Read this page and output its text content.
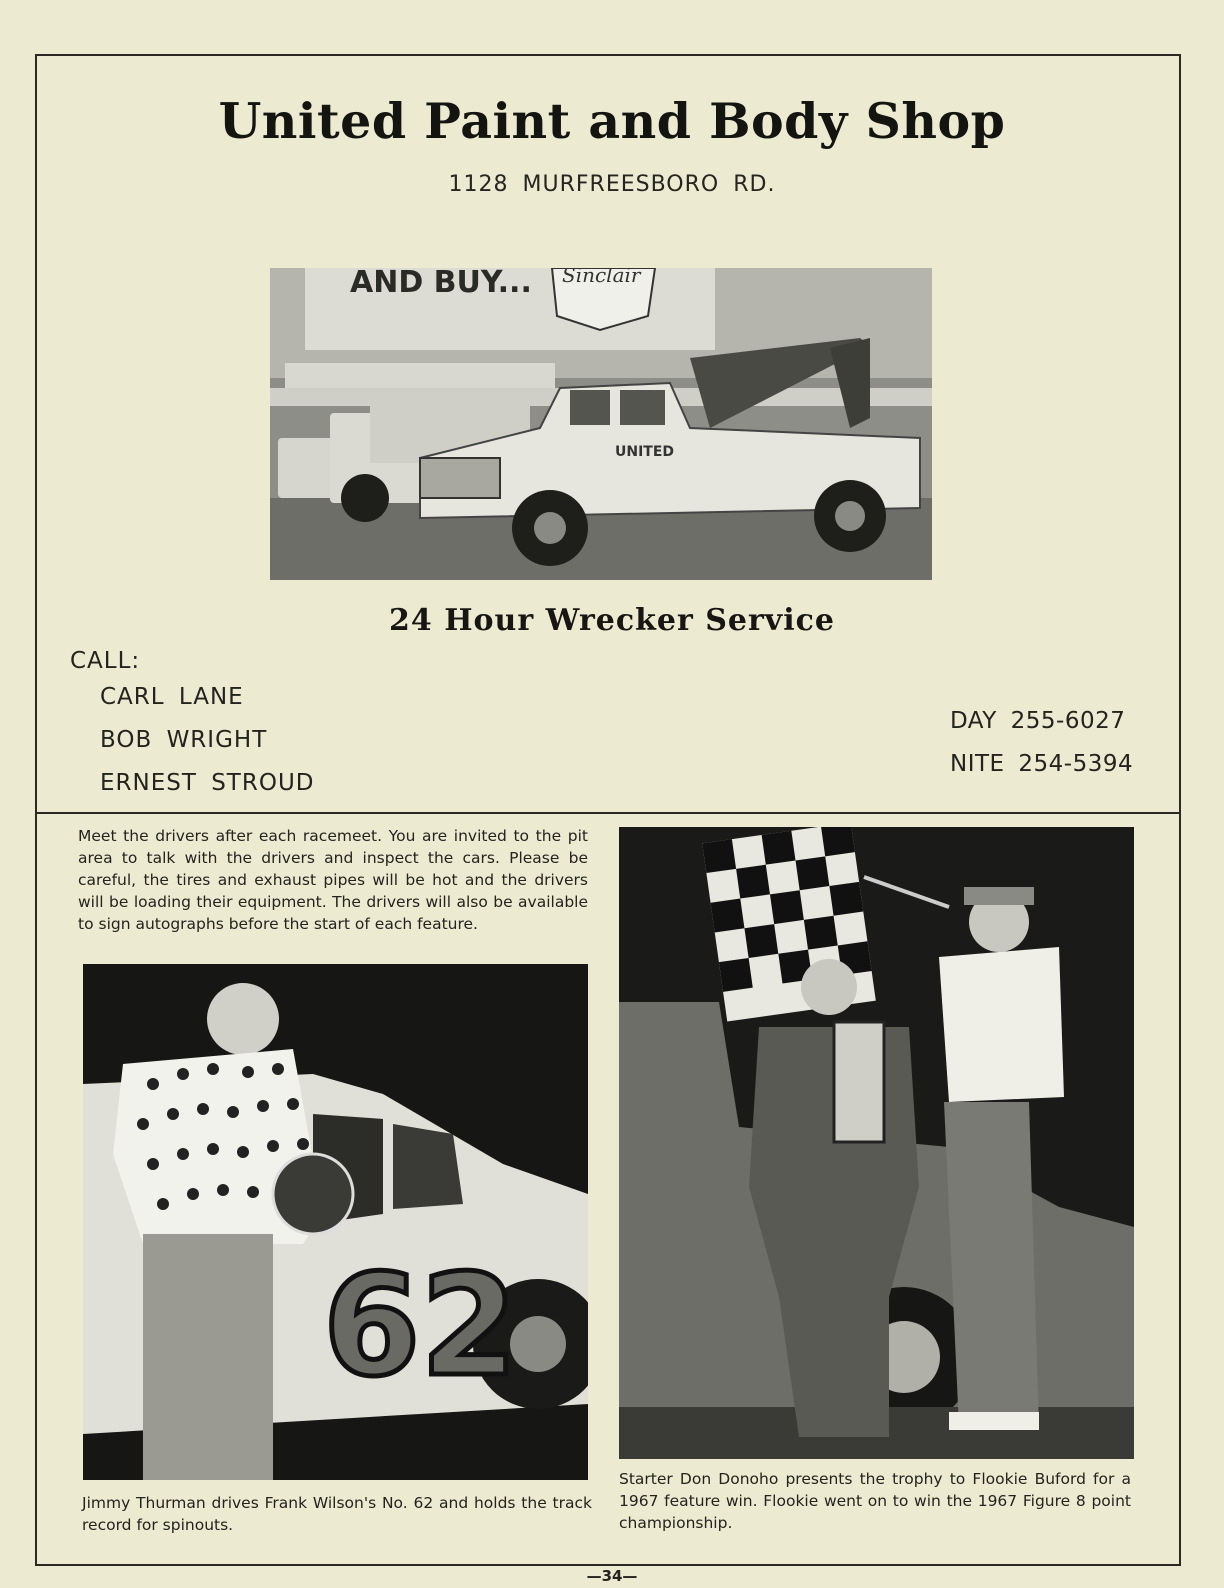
United Paint and Body Shop
1128 MURFREESBORO RD.
AND BUY... Sinclair
UNITED
24 Hour Wrecker Service
CALL:
CARL LANE
BOB WRIGHT
ERNEST STROUD
DAY 255-6027
NITE 254-5394
Meet the drivers after each racemeet. You are invited to the pit area to talk with the drivers and inspect the cars. Please be careful, the tires and exhaust pipes will be hot and the drivers will be loading their equipment. The drivers will also be available to sign autographs before the start of each feature.
62
Jimmy Thurman drives Frank Wilson's No. 62 and holds the track record for spinouts.
Starter Don Donoho presents the trophy to Flookie Buford for a 1967 feature win. Flookie went on to win the 1967 Figure 8 point championship.
—34—
